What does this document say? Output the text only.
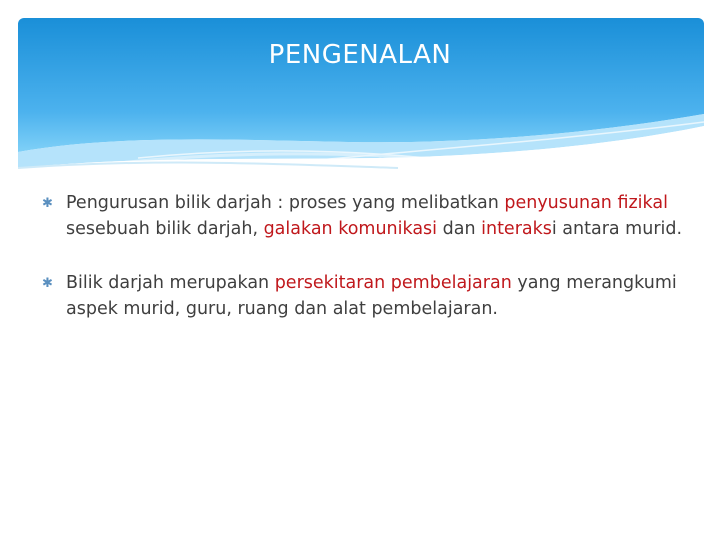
PENGENALAN
✱ Pengurusan bilik darjah : proses yang melibatkan penyusunan fizikal sesebuah bilik darjah, galakan komunikasi dan interaksi antara murid.
✱ Bilik darjah merupakan persekitaran pembelajaran yang merangkumi aspek murid, guru, ruang dan alat pembelajaran.
